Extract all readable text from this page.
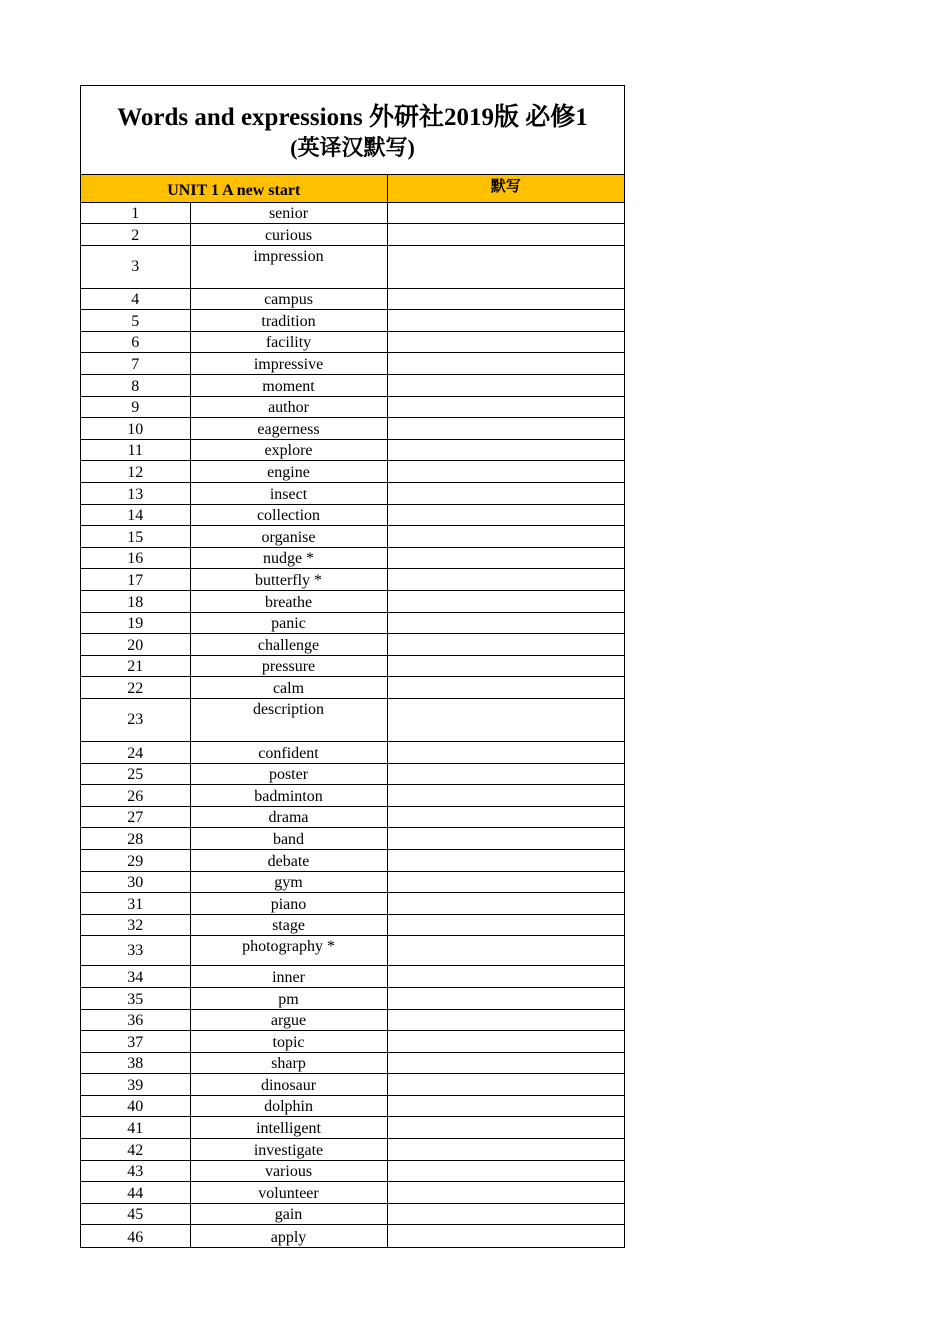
Words and expressions 外研社2019版 必修1
(英译汉默写)
UNIT 1 A new start		默写
1	senior	
2	curious	
3	impression	
4	campus	
5	tradition	
6	facility	
7	impressive	
8	moment	
9	author	
10	eagerness	
11	explore	
12	engine	
13	insect	
14	collection	
15	organise	
16	nudge *	
17	butterfly *	
18	breathe	
19	panic	
20	challenge	
21	pressure	
22	calm	
23	description	
24	confident	
25	poster	
26	badminton	
27	drama	
28	band	
29	debate	
30	gym	
31	piano	
32	stage	
33	photography *	
34	inner	
35	pm	
36	argue	
37	topic	
38	sharp	
39	dinosaur	
40	dolphin	
41	intelligent	
42	investigate	
43	various	
44	volunteer	
45	gain	
46	apply	
